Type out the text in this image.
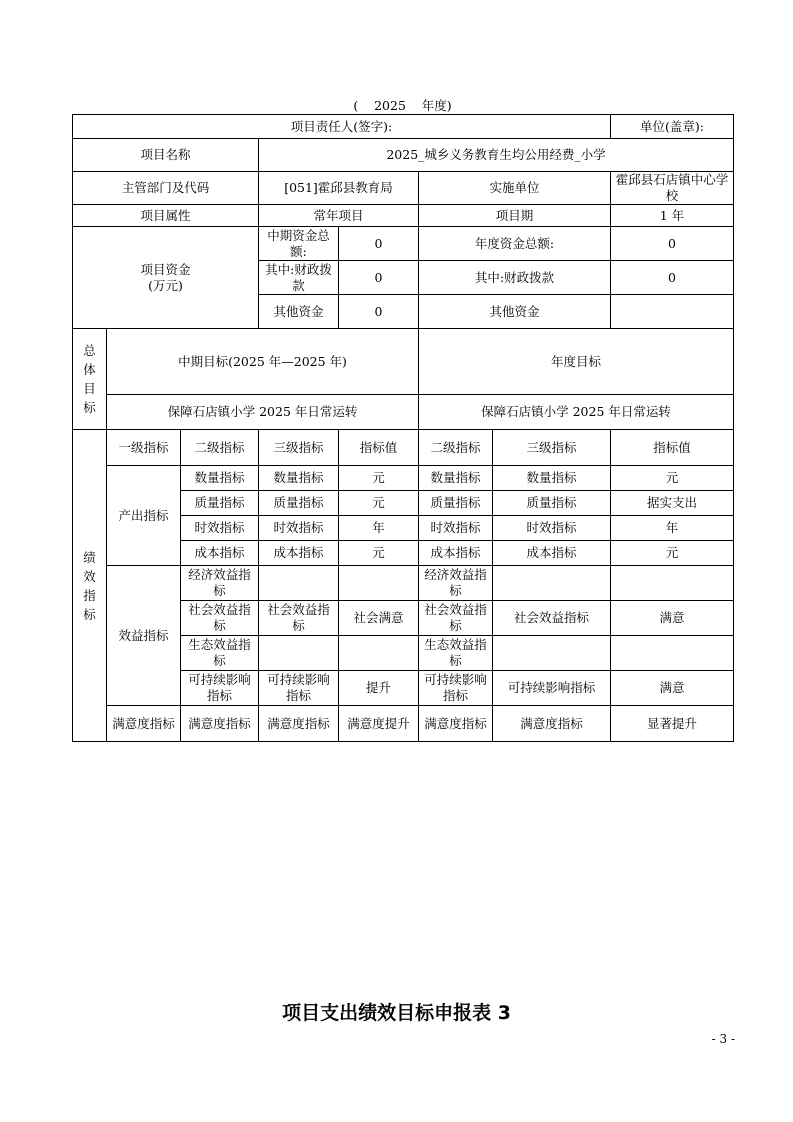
(    2025    年度)
项目责任人(签字):							单位(盖章):
项目名称			2025_城乡义务教育生均公用经费_小学				
主管部门及代码			[051]霍邱县教育局		实施单位		霍邱县石店镇中心学校
项目属性			常年项目		项目期		1 年

项目资金
(万元)			中期资金总额:	0	年度资金总额:		0
			其中:财政拨款	0	其中:财政拨款		0
			其他资金	0	其他资金		
总体目标	中期目标(2025 年—2025 年)				年度目标		
	保障石店镇小学 2025 年日常运转				保障石店镇小学 2025 年日常运转		
绩效指标	一级指标	二级指标	三级指标	指标值	二级指标	三级指标	指标值
	产出指标	数量指标	数量指标	元	数量指标	数量指标	元
		质量指标	质量指标	元	质量指标	质量指标	据实支出
		时效指标	时效指标	年	时效指标	时效指标	年
		成本指标	成本指标	元	成本指标	成本指标	元
	效益指标	经济效益指标			经济效益指标		
		社会效益指标	社会效益指标	社会满意	社会效益指标	社会效益指标	满意
		生态效益指标			生态效益指标		
		可持续影响指标	可持续影响指标	提升	可持续影响指标	可持续影响指标	满意
	满意度指标	满意度指标	满意度指标	满意度提升	满意度指标	满意度指标	显著提升
项目支出绩效目标申报表 3
- 3 -
